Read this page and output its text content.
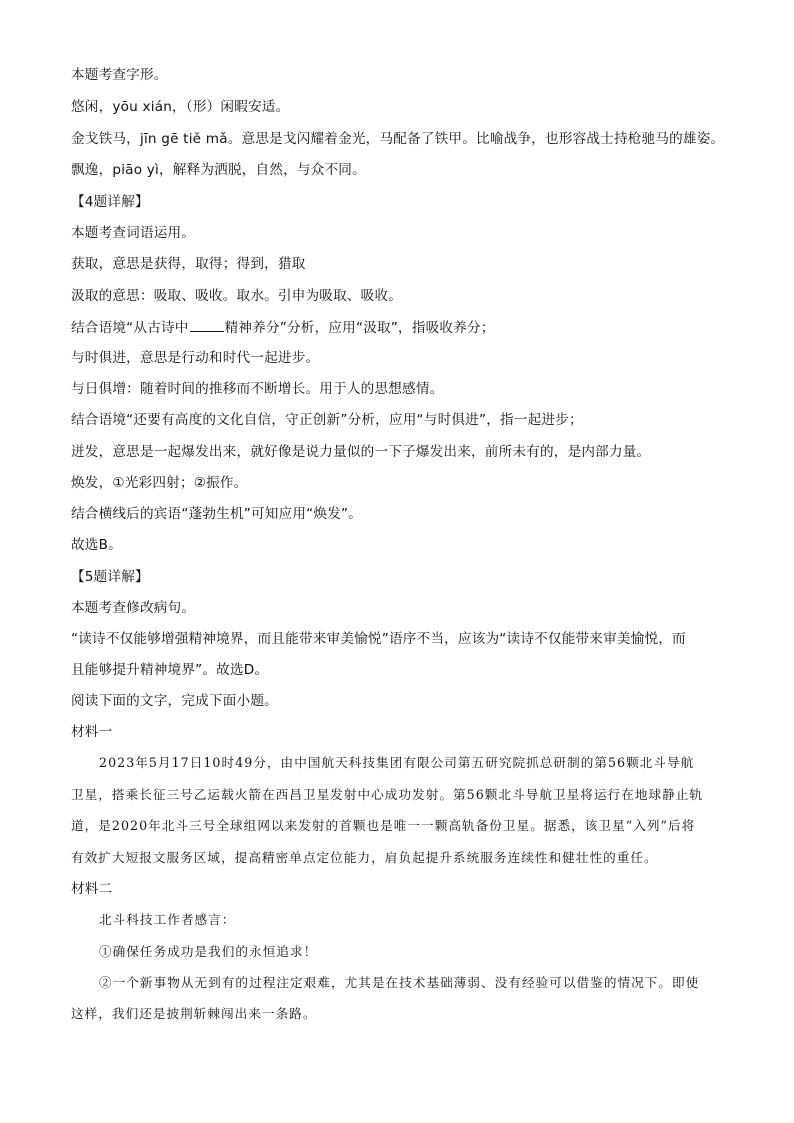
本题考查字形。
悠闲，yōu xián，（形）闲暇安适。
金戈铁马，jīn gē tiě mǎ。意思是戈闪耀着金光，马配备了铁甲。比喻战争，也形容战士持枪驰马的雄姿。
飘逸，piāo yì，解释为洒脱，自然，与众不同。
【4题详解】
本题考查词语运用。
获取，意思是获得，取得；得到，猎取
汲取的意思：吸取、吸收。取水。引申为吸取、吸收。
结合语境“从古诗中	精神养分”分析，应用“汲取”，指吸收养分；
与时俱进，意思是行动和时代一起进步。
与日俱增：随着时间的推移而不断增长。用于人的思想感情。
结合语境“还要有高度的文化自信，守正创新”分析，应用“与时俱进”，指一起进步；
迸发，意思是一起爆发出来，就好像是说力量似的一下子爆发出来，前所未有的，是内部力量。
焕发，①光彩四射；②振作。
结合横线后的宾语“蓬勃生机”可知应用“焕发”。
故选B。
【5题详解】
本题考查修改病句。
“读诗不仅能够增强精神境界，而且能带来审美愉悦”语序不当，应该为“读诗不仅能带来审美愉悦，而
且能够提升精神境界”。故选D。
阅读下面的文字，完成下面小题。
材料一
2023年5月17日10时49分，由中国航天科技集团有限公司第五研究院抓总研制的第56颗北斗导航
卫星，搭乘长征三号乙运载火箭在西昌卫星发射中心成功发射。第56颗北斗导航卫星将运行在地球静止轨
道，是2020年北斗三号全球组网以来发射的首颗也是唯一一颗高轨备份卫星。据悉，该卫星“入列”后将
有效扩大短报文服务区域，提高精密单点定位能力，肩负起提升系统服务连续性和健壮性的重任。
材料二
北斗科技工作者感言：
①确保任务成功是我们的永恒追求！
②一个新事物从无到有的过程注定艰难，尤其是在技术基础薄弱、没有经验可以借鉴的情况下。即使
这样，我们还是披荆斩棘闯出来一条路。
